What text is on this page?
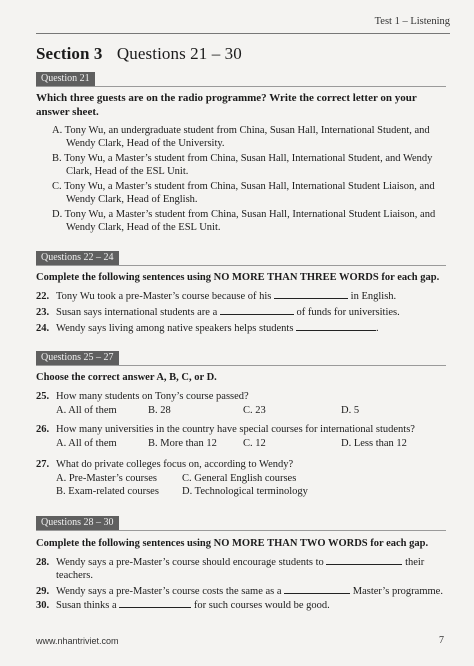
Test 1 – Listening
Section 3 Questions 21 – 30
Question 21
Which three guests are on the radio programme? Write the correct letter on your answer sheet.
A. Tony Wu, an undergraduate student from China, Susan Hall, International Student, and Wendy Clark, Head of the University.
B. Tony Wu, a Master’s student from China, Susan Hall, International Student, and Wendy Clark, Head of the ESL Unit.
C. Tony Wu, a Master’s student from China, Susan Hall, International Student Liaison, and Wendy Clark, Head of English.
D. Tony Wu, a Master’s student from China, Susan Hall, International Student Liaison, and Wendy Clark, Head of the ESL Unit.
Questions 22 – 24
Complete the following sentences using NO MORE THAN THREE WORDS for each gap.
22. Tony Wu took a pre-Master’s course because of his	in English.
23. Susan says international students are a	of funds for universities.
24. Wendy says living among native speakers helps students	.
Questions 25 – 27
Choose the correct answer A, B, C, or D.
25. How many students on Tony’s course passed?
A. All of them	B. 28	C. 23	D. 5
26. How many universities in the country have special courses for international students?
A. All of them	B. More than 12 C. 12	D. Less than 12
27. What do private colleges focus on, according to Wendy?
A. Pre-Master’s courses
B. Exam-related courses
C. General English courses
D. Technological terminology
Questions 28 – 30
Complete the following sentences using NO MORE THAN TWO WORDS for each gap.
28. Wendy says a pre-Master’s course should encourage students to	their
teachers.
29. Wendy says a pre-Master’s course costs the same as a	Master’s programme.
30. Susan thinks a	for such courses would be good.
www.nhantriviet.com	7
